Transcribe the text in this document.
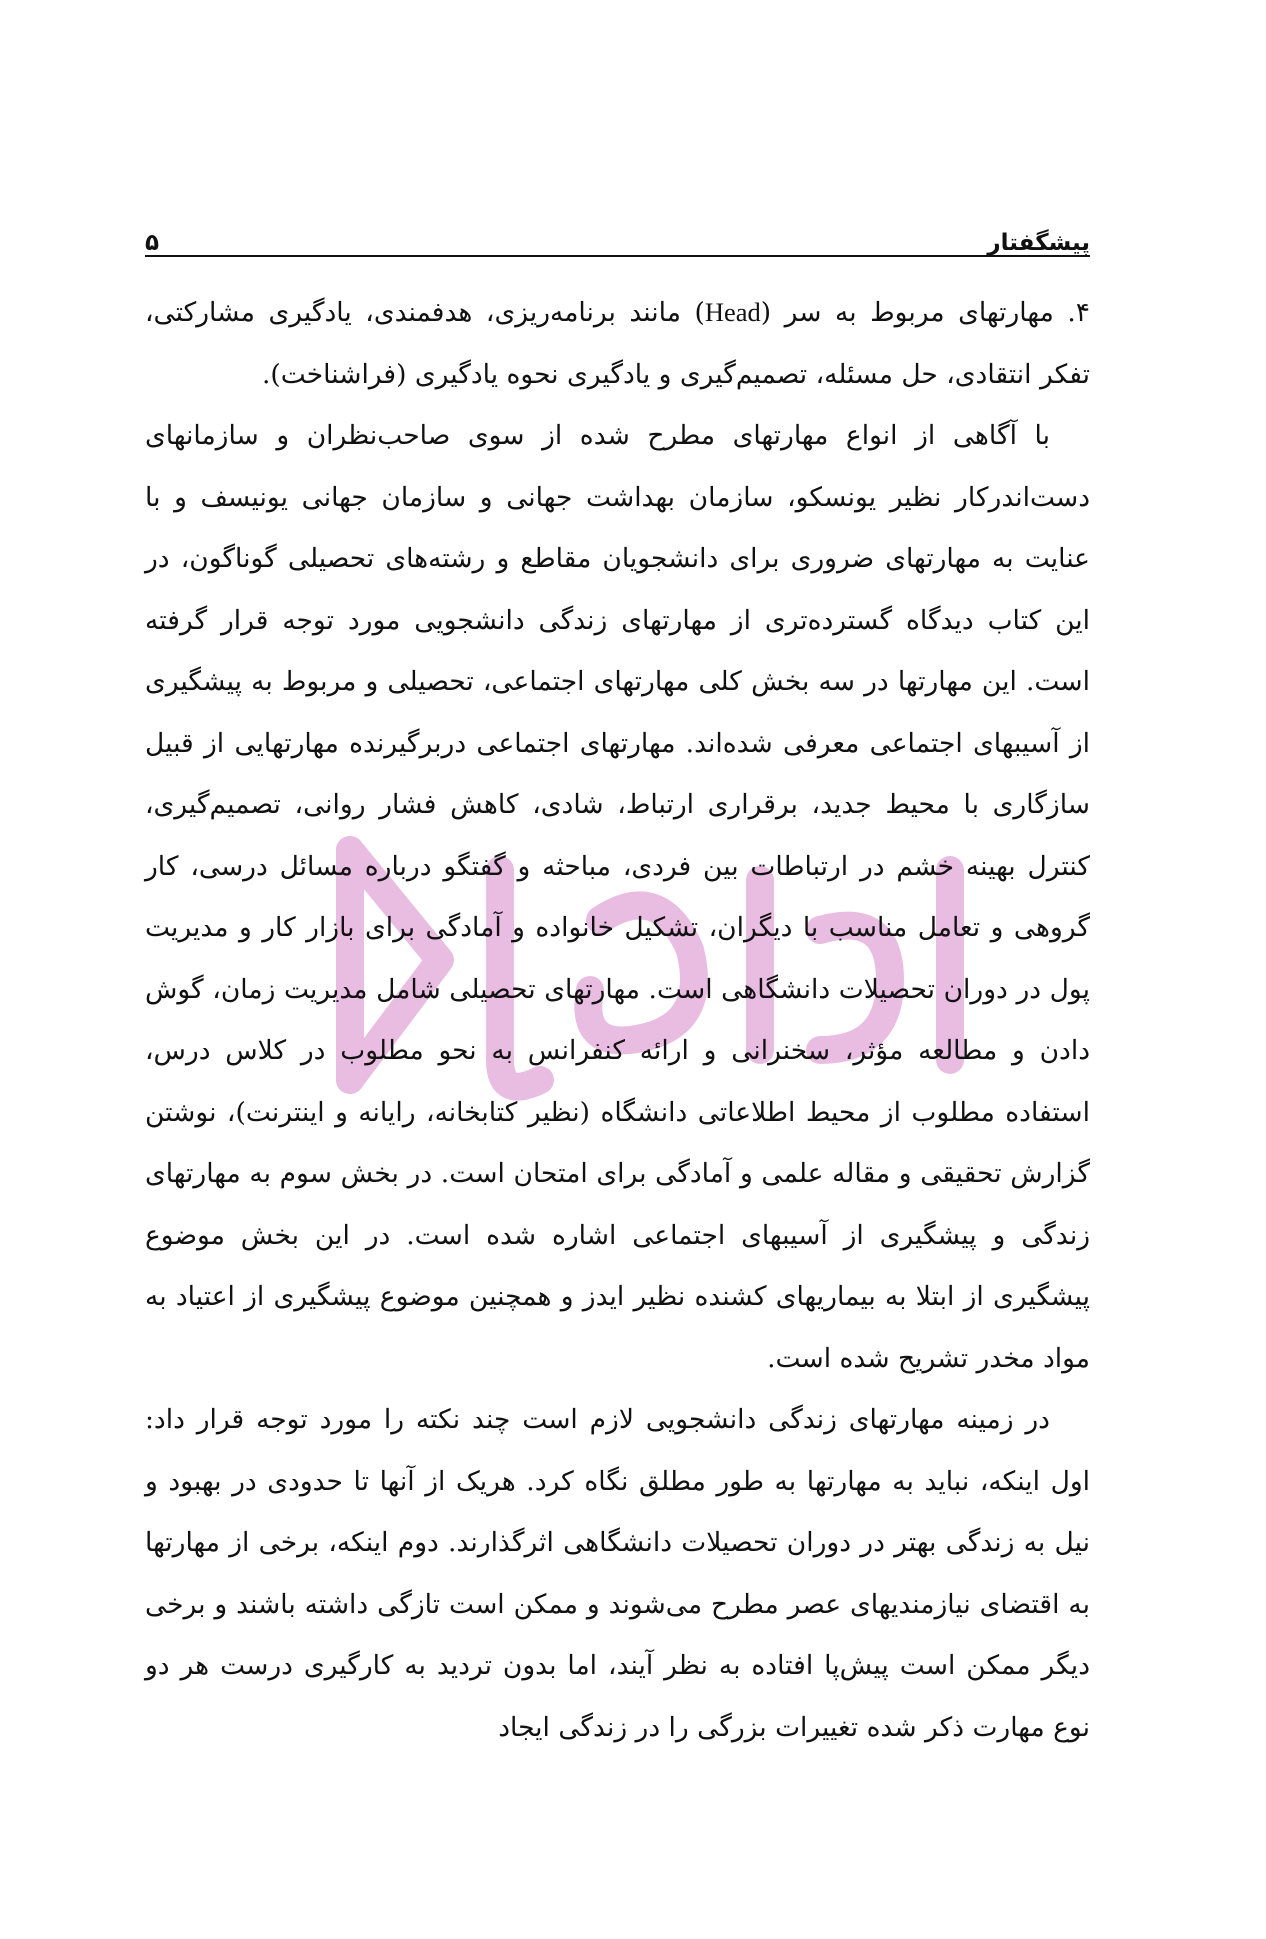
پیشگفتار
۵

۴. مهارتهای مربوط به سر (Head) مانند برنامه‌ریزی، هدفمندی، یادگیری مشارکتی، تفکر انتقادی، حل مسئله، تصمیم‌گیری و یادگیری نحوه یادگیری (فراشناخت).

با آگاهی از انواع مهارتهای مطرح شده از سوی صاحب‌نظران و سازمانهای دست‌اندرکار نظیر یونسکو، سازمان بهداشت جهانی و سازمان جهانی یونیسف و با عنایت به مهارتهای ضروری برای دانشجویان مقاطع و رشته‌های تحصیلی گوناگون، در این کتاب دیدگاه گسترده‌تری از مهارتهای زندگی دانشجویی مورد توجه قرار گرفته است. این مهارتها در سه بخش کلی مهارتهای اجتماعی، تحصیلی و مربوط به پیشگیری از آسیبهای اجتماعی معرفی شده‌اند. مهارتهای اجتماعی دربرگیرنده مهارتهایی از قبیل سازگاری با محیط جدید، برقراری ارتباط، شادی، کاهش فشار روانی، تصمیم‌گیری، کنترل بهینه خشم در ارتباطات بین فردی، مباحثه و گفتگو درباره مسائل درسی، کار گروهی و تعامل مناسب با دیگران، تشکیل خانواده و آمادگی برای بازار کار و مدیریت پول در دوران تحصیلات دانشگاهی است. مهارتهای تحصیلی شامل مدیریت زمان، گوش دادن و مطالعه مؤثر، سخنرانی و ارائه کنفرانس به نحو مطلوب در کلاس درس، استفاده مطلوب از محیط اطلاعاتی دانشگاه (نظیر کتابخانه، رایانه و اینترنت)، نوشتن گزارش تحقیقی و مقاله علمی و آمادگی برای امتحان است. در بخش سوم به مهارتهای زندگی و پیشگیری از آسیبهای اجتماعی اشاره شده است. در این بخش موضوع پیشگیری از ابتلا به بیماریهای کشنده نظیر ایدز و همچنین موضوع پیشگیری از اعتیاد به مواد مخدر تشریح شده است.

در زمینه مهارتهای زندگی دانشجویی لازم است چند نکته را مورد توجه قرار داد: اول اینکه، نباید به مهارتها به طور مطلق نگاه کرد. هریک از آنها تا حدودی در بهبود و نیل به زندگی بهتر در دوران تحصیلات دانشگاهی اثرگذارند. دوم اینکه، برخی از مهارتها به اقتضای نیازمندیهای عصر مطرح می‌شوند و ممکن است تازگی داشته باشند و برخی دیگر ممکن است پیش‌پا افتاده به نظر آیند، اما بدون تردید به کارگیری درست هر دو نوع مهارت ذکر شده تغییرات بزرگی را در زندگی ایجاد
